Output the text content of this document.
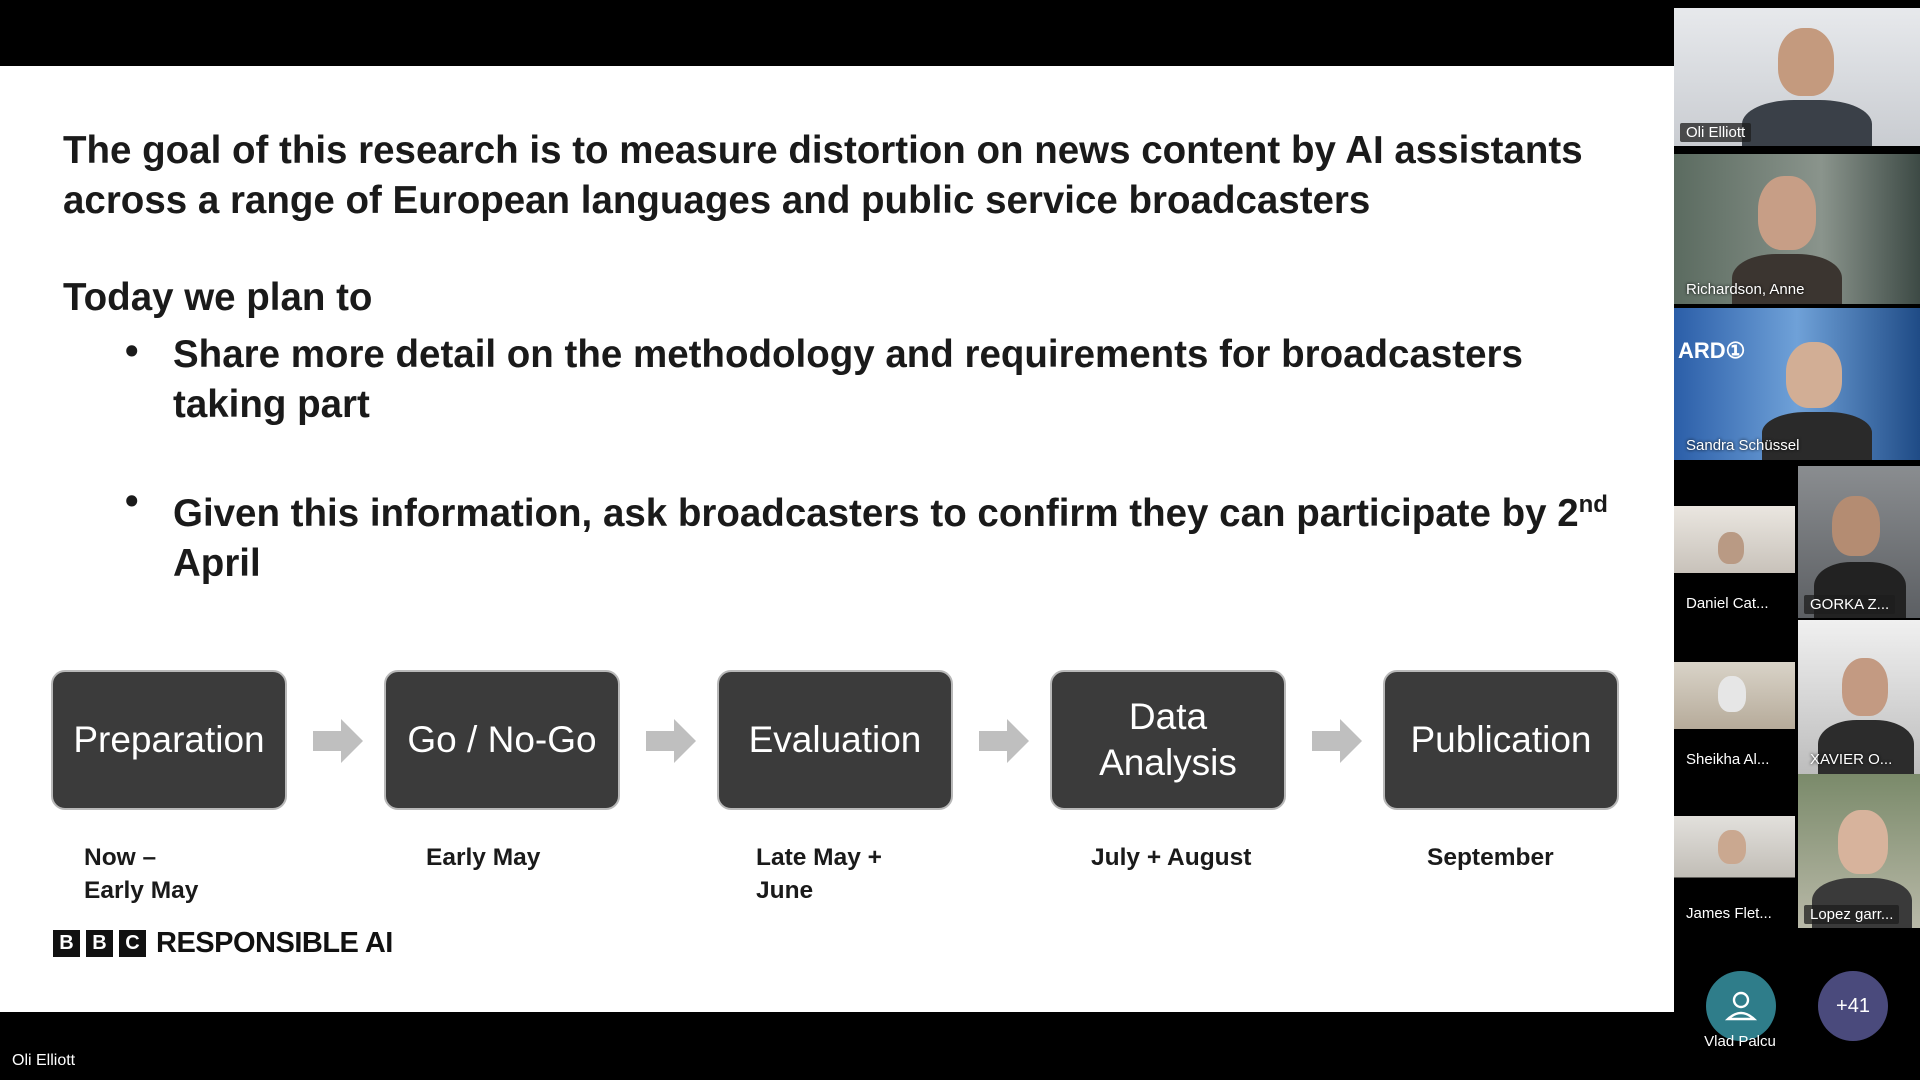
The goal of this research is to measure distortion on news content by AI assistants across a range of European languages and public service broadcasters
Today we plan to
• Share more detail on the methodology and requirements for broadcasters taking part
• Given this information, ask broadcasters to confirm they can participate by 2nd
April
Preparation	Go / No-Go	Evaluation
Data
Analysis
Publication
Now –
Early May
Early May	Late May +
June
July + August	September
B B C RESPONSIBLE AI
Oli Elliott
Oli Elliott
Richardson, Anne
ARD①
Sandra Schüssel
Daniel Cat...	GORKA Z...
Sheikha Al...	XAVIER O...
James Flet...	Lopez garr...
Vlad Palcu
+41
